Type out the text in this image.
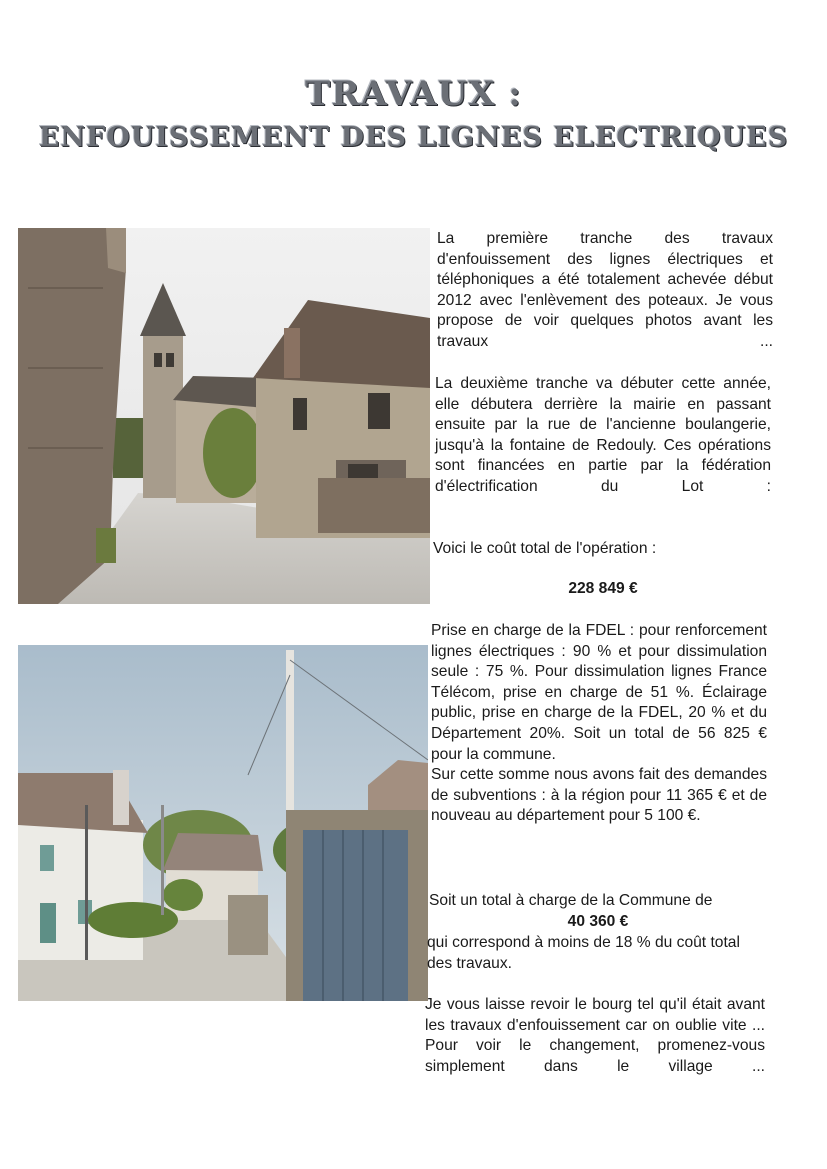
TRAVAUX :
ENFOUISSEMENT DES LIGNES ELECTRIQUES
La première tranche des travaux d'enfouissement des lignes électriques et téléphoniques a été totalement achevée début 2012 avec l'enlèvement des poteaux. Je vous propose de voir quelques photos avant les travaux ...
La deuxième tranche va débuter cette année, elle débutera derrière la mairie en passant ensuite par la rue de l'ancienne boulangerie, jusqu'à la fontaine de Redouly. Ces opérations sont financées en partie par la fédération d'électrification du Lot :
Voici le coût total de l'opération :
228 849 €
Prise en charge de la FDEL : pour renforcement lignes électriques : 90 % et pour dissimulation seule : 75 %. Pour dissimulation lignes France Télécom, prise en charge de 51 %. Éclairage public, prise en charge de la FDEL, 20 % et du Département 20%. Soit un total de 56 825 € pour la commune.
Sur cette somme nous avons fait des demandes de subventions : à la région pour 11 365 € et de nouveau au département pour 5 100 €.
Soit un total à charge de la Commune de
40 360 €
qui correspond à moins de 18 % du coût total des travaux.
Je vous laisse revoir le bourg tel qu'il était avant les travaux d'enfouissement car on oublie vite ... Pour voir le changement, promenez-vous simplement dans le village ...
